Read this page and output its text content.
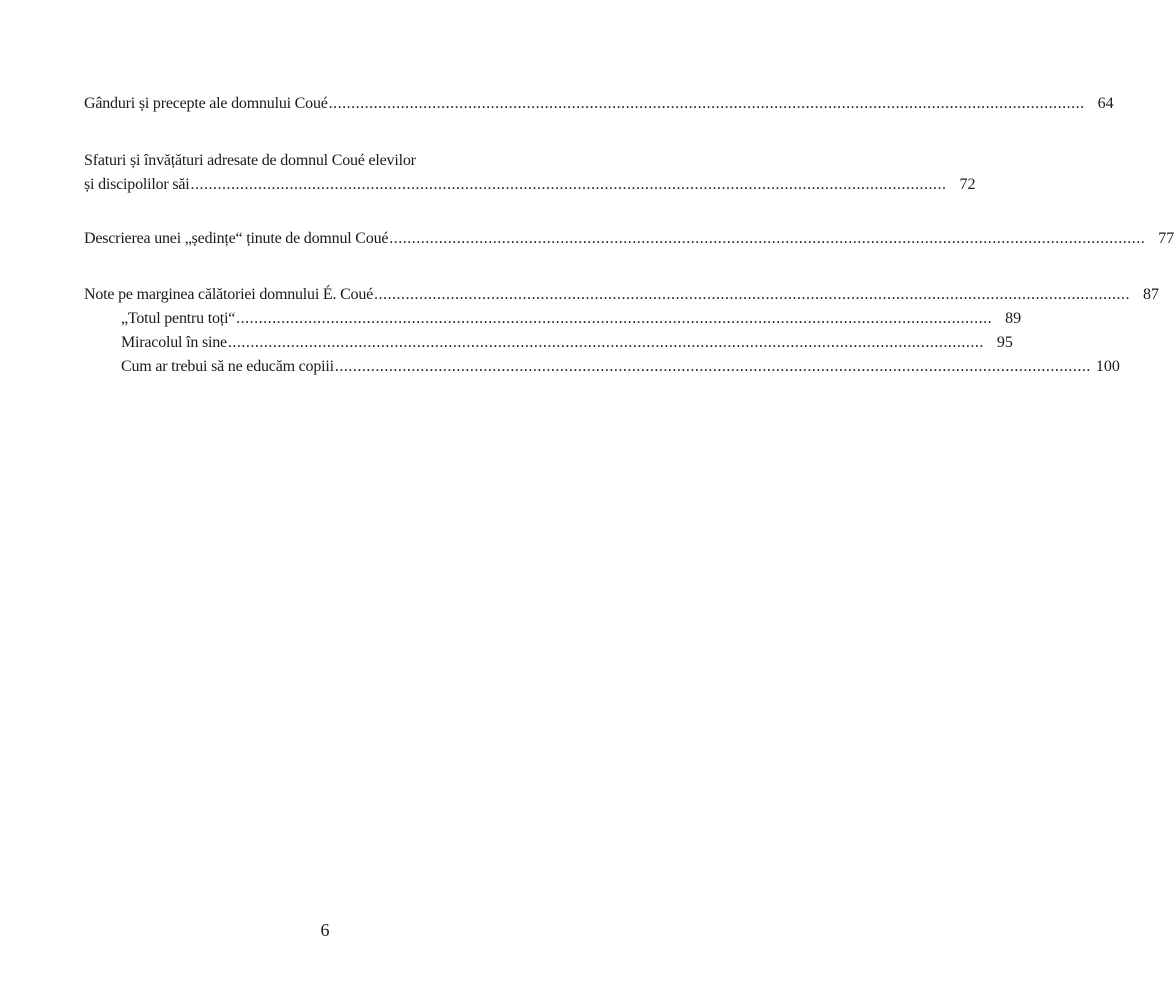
Gânduri și precepte ale domnului Coué ........................................................................................................................................................................ 64
Sfaturi și învățături adresate de domnul Coué elevilor
și discipolilor săi ........................................................................................................................................................................ 72
Descrierea unei „ședințe“ ținute de domnul Coué ........................................................................................................................................................................ 77
Note pe marginea călătoriei domnului É. Coué ........................................................................................................................................................................ 87
„Totul pentru toți“ ........................................................................................................................................................................ 89
Miracolul în sine ........................................................................................................................................................................ 95
Cum ar trebui să ne educăm copiii ........................................................................................................................................................................ 100
6
